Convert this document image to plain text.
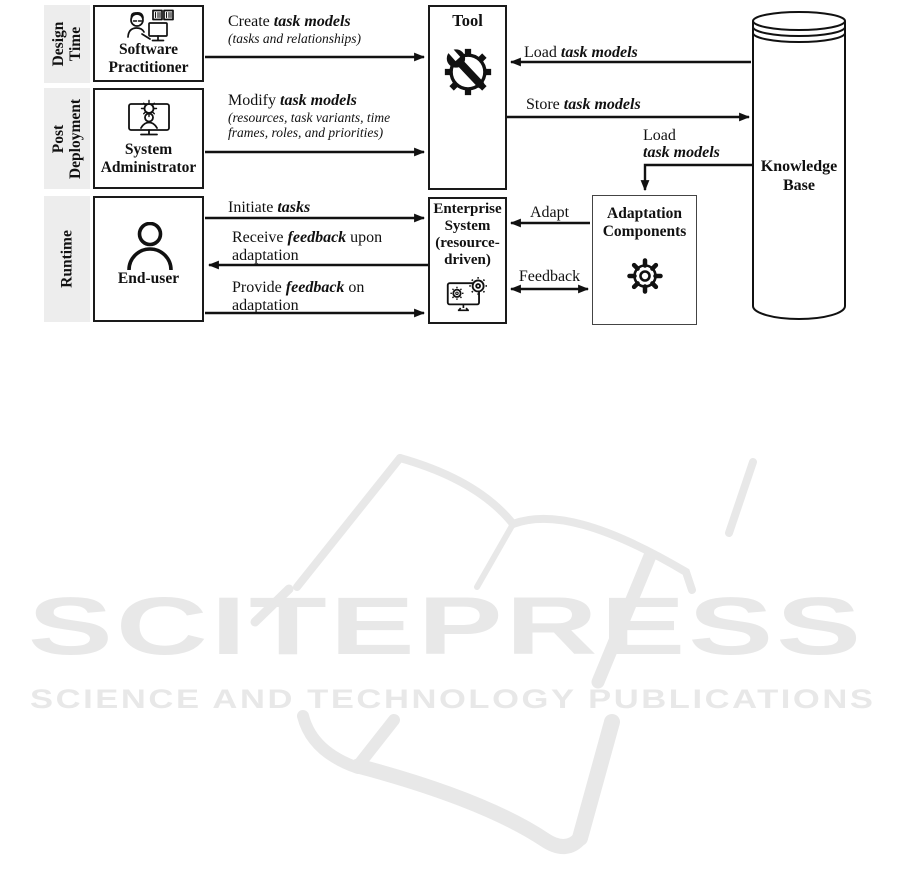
Design Time
Post Deployment
Runtime
Software
Practitioner
System
Administrator
End-user
Tool
Enterprise
System
(resource-
driven)
Adaptation
Components
Knowledge
Base
Create task models
(tasks and relationships)
Load task models
Modify task models
(resources, task variants, time
frames, roles, and priorities)
Store task models
Load
task models
Initiate tasks	Adapt
Receive feedback upon
adaptation
Feedback
Provide feedback on
adaptation
SCITEPRESS
SCIENCE AND TECHNOLOGY PUBLICATIONS
